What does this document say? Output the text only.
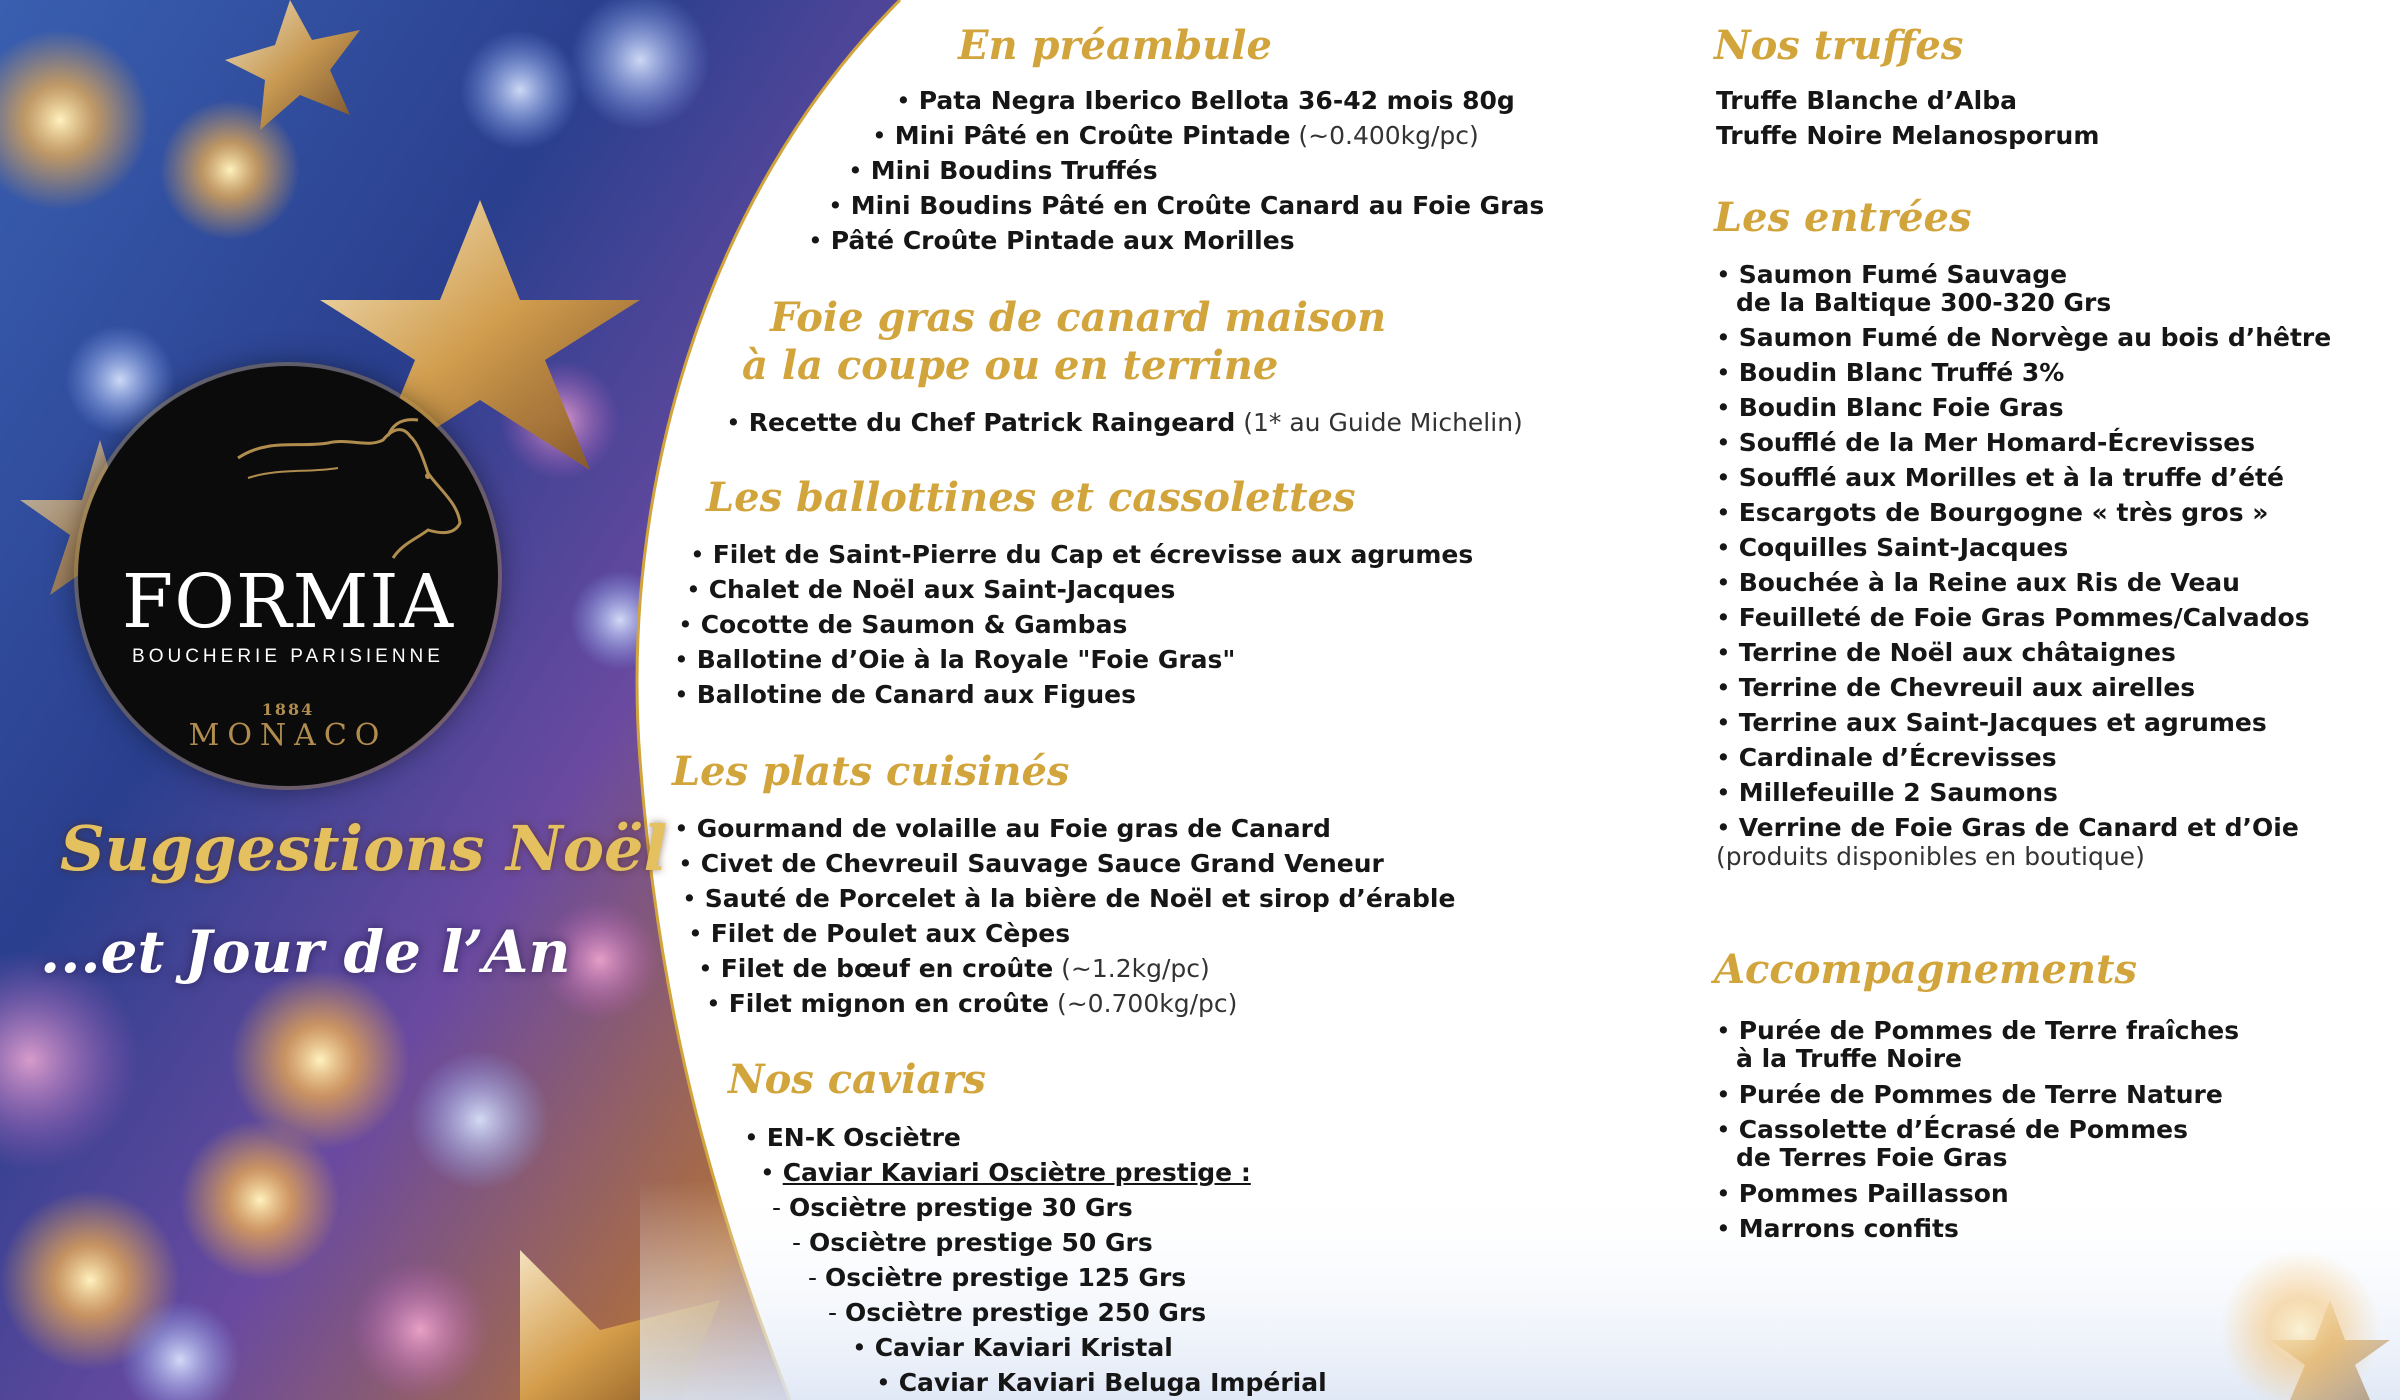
FORMIA
BOUCHERIE PARISIENNE
1884
MONACO
Suggestions Noël
...et Jour de l’An
En préambule
• Pata Negra Iberico Bellota 36-42 mois 80g
• Mini Pâté en Croûte Pintade (~0.400kg/pc)
• Mini Boudins Truffés
• Mini Boudins Pâté en Croûte Canard au Foie Gras
• Pâté Croûte Pintade aux Morilles
Foie gras de canard maison
à la coupe ou en terrine
• Recette du Chef Patrick Raingeard (1* au Guide Michelin)
Les ballottines et cassolettes
• Filet de Saint-Pierre du Cap et écrevisse aux agrumes
• Chalet de Noël aux Saint-Jacques
• Cocotte de Saumon & Gambas
• Ballotine d’Oie à la Royale "Foie Gras"
• Ballotine de Canard aux Figues
Les plats cuisinés
• Gourmand de volaille au Foie gras de Canard
• Civet de Chevreuil Sauvage Sauce Grand Veneur
• Sauté de Porcelet à la bière de Noël et sirop d’érable
• Filet de Poulet aux Cèpes
• Filet de bœuf en croûte (~1.2kg/pc)
• Filet mignon en croûte (~0.700kg/pc)
Nos caviars
• EN-K Osciètre
• Caviar Kaviari Osciètre prestige :
- Osciètre prestige 30 Grs
- Osciètre prestige 50 Grs
- Osciètre prestige 125 Grs
- Osciètre prestige 250 Grs
• Caviar Kaviari Kristal
• Caviar Kaviari Beluga Impérial
Nos truffes
Truffe Blanche d’Alba
Truffe Noire Melanosporum
Les entrées
• Saumon Fumé Sauvage
de la Baltique 300-320 Grs
• Saumon Fumé de Norvège au bois d’hêtre
• Boudin Blanc Truffé 3%
• Boudin Blanc Foie Gras
• Soufflé de la Mer Homard-Écrevisses
• Soufflé aux Morilles et à la truffe d’été
• Escargots de Bourgogne « très gros »
• Coquilles Saint-Jacques
• Bouchée à la Reine aux Ris de Veau
• Feuilleté de Foie Gras Pommes/Calvados
• Terrine de Noël aux châtaignes
• Terrine de Chevreuil aux airelles
• Terrine aux Saint-Jacques et agrumes
• Cardinale d’Écrevisses
• Millefeuille 2 Saumons
• Verrine de Foie Gras de Canard et d’Oie
(produits disponibles en boutique)
Accompagnements
• Purée de Pommes de Terre fraîches
à la Truffe Noire
• Purée de Pommes de Terre Nature
• Cassolette d’Écrasé de Pommes
de Terres Foie Gras
• Pommes Paillasson
• Marrons confits
